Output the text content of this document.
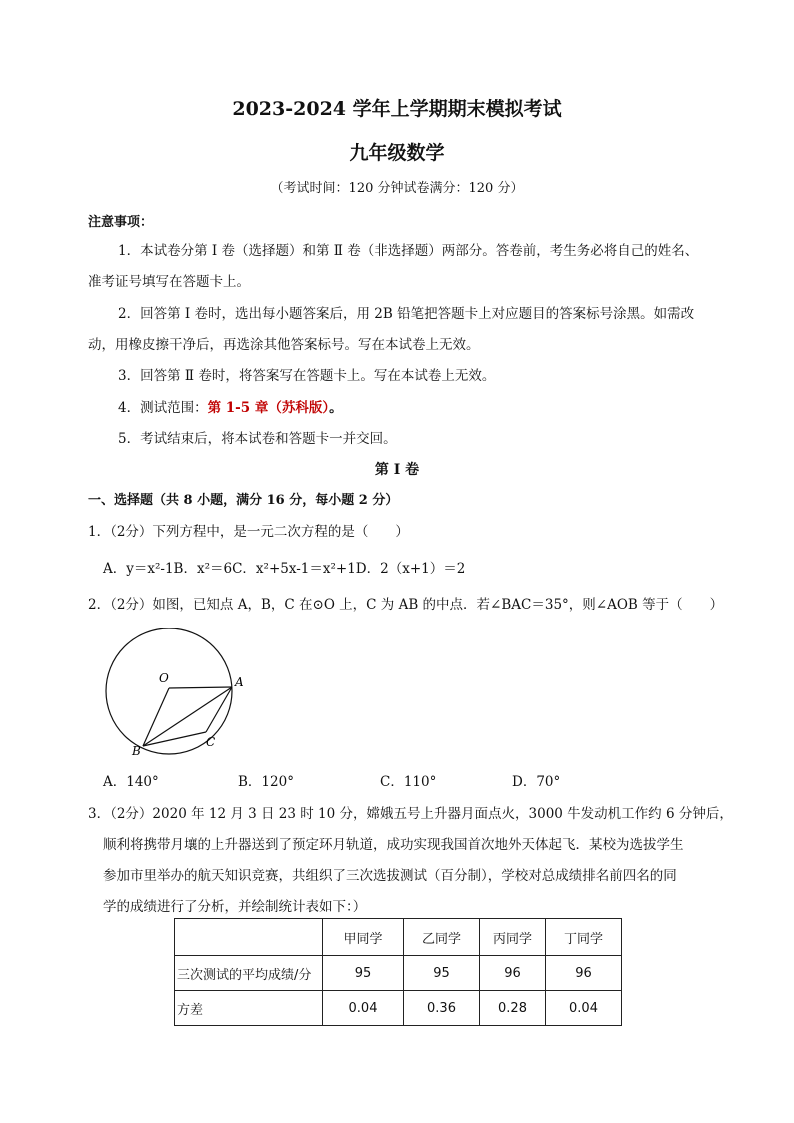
2023-2024 学年上学期期末模拟考试
九年级数学
（考试时间：120 分钟试卷满分：120 分）
注意事项：
1．本试卷分第 Ⅰ 卷（选择题）和第 Ⅱ 卷（非选择题）两部分。答卷前，考生务必将自己的姓名、
准考证号填写在答题卡上。
2．回答第 Ⅰ 卷时，选出每小题答案后，用 2B 铅笔把答题卡上对应题目的答案标号涂黑。如需改
动，用橡皮擦干净后，再选涂其他答案标号。写在本试卷上无效。
3．回答第 Ⅱ 卷时，将答案写在答题卡上。写在本试卷上无效。
4．测试范围：第 1-5 章（苏科版）。
5．考试结束后，将本试卷和答题卡一并交回。
第 Ⅰ 卷
一、选择题（共 8 小题，满分 16 分，每小题 2 分）
1．（2分）下列方程中，是一元二次方程的是（　　）
A．y＝x²-1B．x²＝6C．x²+5x-1＝x²+1D．2（x+1）＝2
2．（2分）如图，已知点 A，B，C 在⊙O 上，C 为 AB 的中点．若∠BAC＝35°，则∠AOB 等于（　　）
O	A
B
C
A．140°	B．120°	C．110°	D．70°
3．（2分）2020 年 12 月 3 日 23 时 10 分，嫦娥五号上升器月面点火，3000 牛发动机工作约 6 分钟后，
顺利将携带月壤的上升器送到了预定环月轨道，成功实现我国首次地外天体起飞．某校为选拔学生
参加市里举办的航天知识竞赛，共组织了三次选拔测试（百分制），学校对总成绩排名前四名的同
学的成绩进行了分析，并绘制统计表如下：）
	甲同学	乙同学	丙同学	丁同学
三次测试的平均成绩/分	95	95	96	96
方差	0.04	0.36	0.28	0.04
